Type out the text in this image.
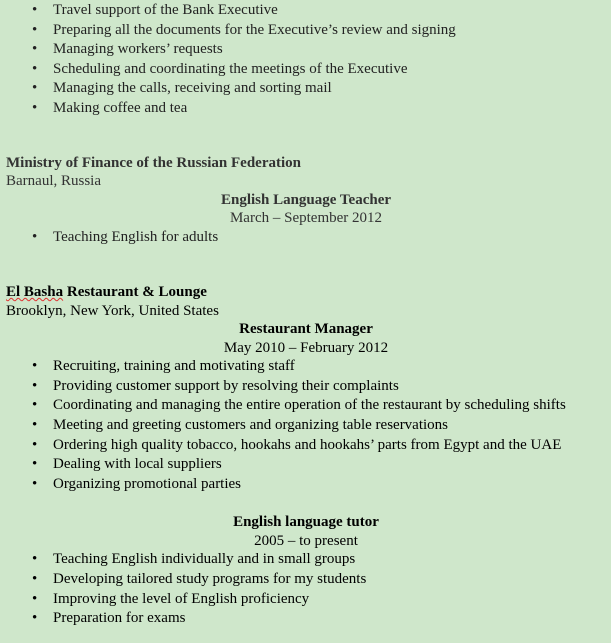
• Travel support of the Bank Executive
• Preparing all the documents for the Executive’s review and signing
• Managing workers’ requests
• Scheduling and coordinating the meetings of the Executive
• Managing the calls, receiving and sorting mail
• Making coffee and tea
Ministry of Finance of the Russian Federation
Barnaul, Russia
English Language Teacher
March – September 2012
• Teaching English for adults
El Basha Restaurant & Lounge
Brooklyn, New York, United States
Restaurant Manager
May 2010 – February 2012
• Recruiting, training and motivating staff
• Providing customer support by resolving their complaints
• Coordinating and managing the entire operation of the restaurant by scheduling shifts
• Meeting and greeting customers and organizing table reservations
• Ordering high quality tobacco, hookahs and hookahs’ parts from Egypt and the UAE
• Dealing with local suppliers
• Organizing promotional parties
English language tutor
2005 – to present
• Teaching English individually and in small groups
• Developing tailored study programs for my students
• Improving the level of English proficiency
• Preparation for exams
